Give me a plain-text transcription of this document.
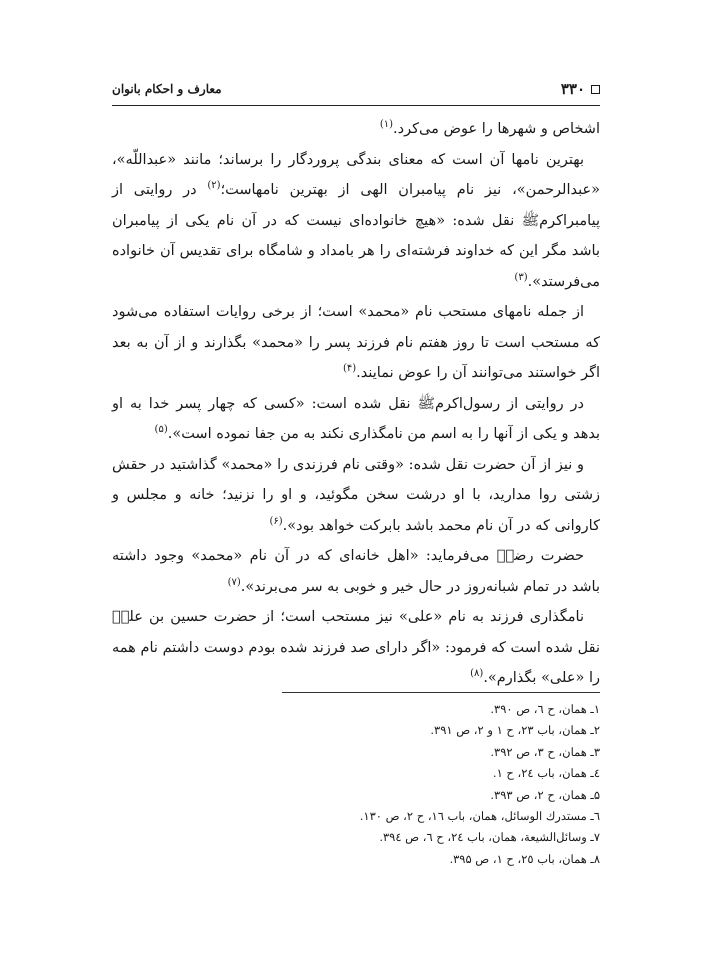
۳۳۰
معارف و احکام بانوان

اشخاص و شهرها را عوض می‌کرد.$^{(۱)}$

بهترین نامها آن است که معنای بندگی پروردگار را برساند؛ مانند «عبداللّه»، «عبدالرحمن»، نیز نام پیامبران الهی از بهترین نامهاست؛$^{(۲)}$ در روایتی از پیامبراکرمﷺ نقل شده: «هیچ خانواده‌ای نیست که در آن نام یکی از پیامبران باشد مگر این که خداوند فرشته‌ای را هر بامداد و شامگاه برای تقدیس آن خانواده می‌فرستد».$^{(۳)}$

از جمله نامهای مستحب نام «محمد» است؛ از برخی روایات استفاده می‌شود که مستحب است تا روز هفتم نام فرزند پسر را «محمد» بگذارند و از آن به بعد اگر خواستند می‌توانند آن را عوض نمایند.$^{(۴)}$

در روایتی از رسول‌اکرمﷺ نقل شده است: «کسی که چهار پسر خدا به او بدهد و یکی از آنها را به اسم من نامگذاری نکند به من جفا نموده است».$^{(۵)}$

و نیز از آن حضرت نقل شده: «وقتی نام فرزندی را «محمد» گذاشتید در حقش زشتی روا مدارید، با او درشت سخن مگوئید، و او را نزنید؛ خانه و مجلس و کاروانی که در آن نام محمد باشد بابرکت خواهد بود».$^{(۶)}$

حضرت رضاؑ می‌فرماید: «اهل خانه‌ای که در آن نام «محمد» وجود داشته باشد در تمام شبانه‌روز در حال خیر و خوبی به سر می‌برند».$^{(۷)}$

نامگذاری فرزند به نام «علی» نیز مستحب است؛ از حضرت حسین بن علیؑ نقل شده است که فرمود: «اگر دارای صد فرزند شده بودم دوست داشتم نام همه را «علی» بگذارم».$^{(۸)}$

۱ـ همان، ح ٦، ص ۳۹۰.
۲ـ همان، باب ۲۳، ح ۱ و ۲، ص ۳۹۱.
۳ـ همان، ح ۳، ص ۳۹۲.
٤ـ همان، باب ٢٤، ح ۱.
۵ـ همان، ح ۲، ص ۳۹۳.
٦ـ مستدرك الوسائل، همان، باب ١٦، ح ۲، ص ۱۳۰.
۷ـ وسائل‌الشیعة، همان، باب ٢٤، ح ٦، ص ۳۹٤.
۸ـ همان، باب ٢٥، ح ۱، ص ۳۹۵.
